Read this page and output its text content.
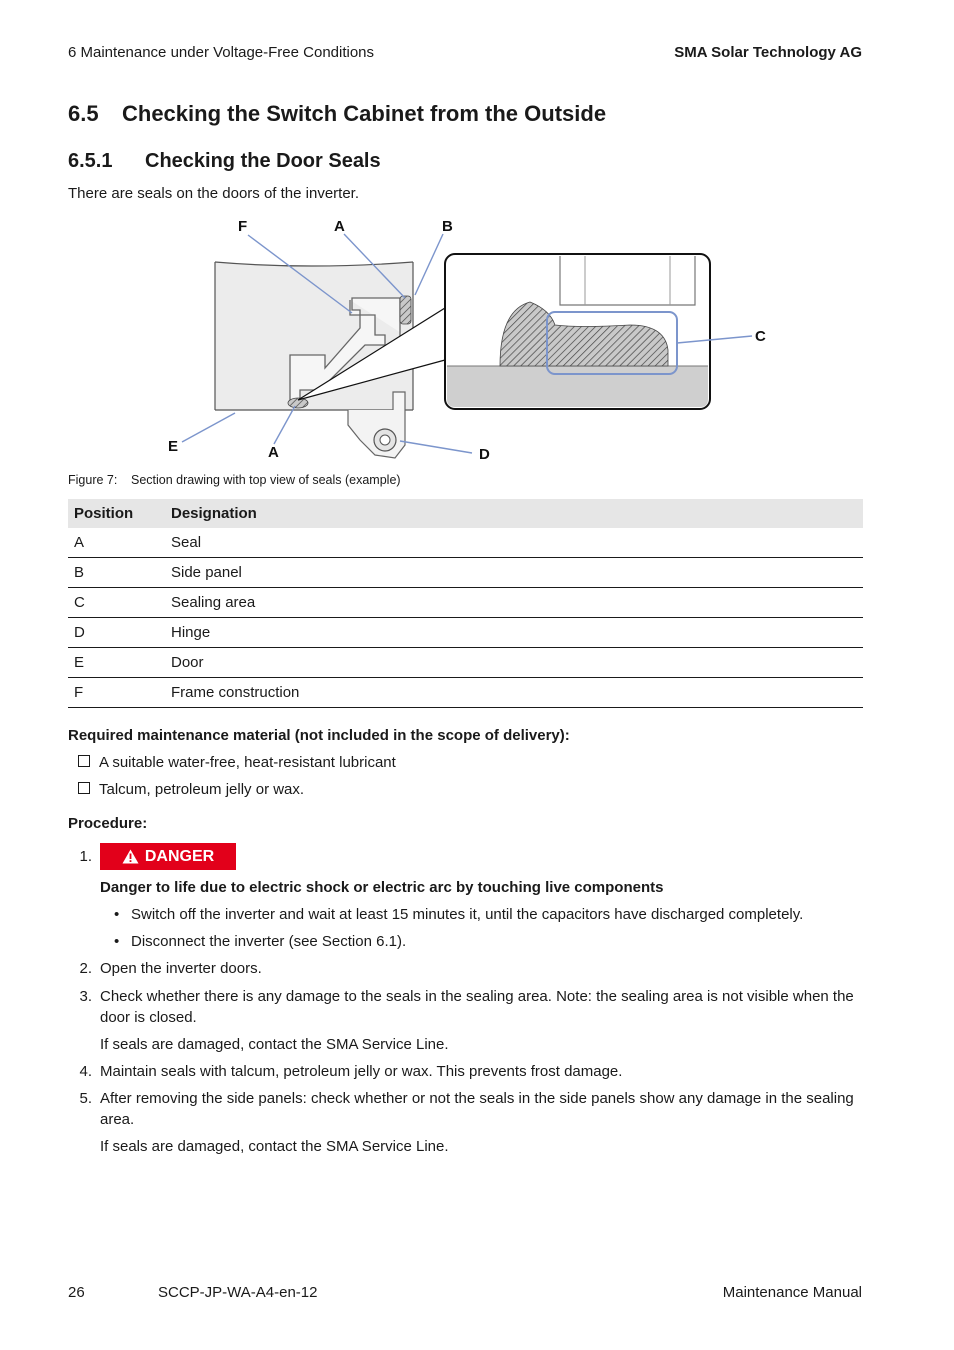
6 Maintenance under Voltage-Free Conditions	SMA Solar Technology AG
6.5 Checking the Switch Cabinet from the Outside
6.5.1 Checking the Door Seals
There are seals on the doors of the inverter.
F	A	B
C
E	A	D
Figure 7: Section drawing with top view of seals (example)
Position	Designation
A	Seal
B	Side panel
C	Sealing area
D	Hinge
E	Door
F	Frame construction
Required maintenance material (not included in the scope of delivery):
A suitable water-free, heat-resistant lubricant
Talcum, petroleum jelly or wax.
Procedure:
1.	DANGER
Danger to life due to electric shock or electric arc by touching live components
• Switch off the inverter and wait at least 15 minutes it, until the capacitors have discharged completely.
• Disconnect the inverter (see Section 6.1).
2. Open the inverter doors.
3. Check whether there is any damage to the seals in the sealing area. Note: the sealing area is not visible when the door is closed.
If seals are damaged, contact the SMA Service Line.
4. Maintain seals with talcum, petroleum jelly or wax. This prevents frost damage.
5. After removing the side panels: check whether or not the seals in the side panels show any damage in the sealing area.
If seals are damaged, contact the SMA Service Line.
26	SCCP-JP-WA-A4-en-12	Maintenance Manual
